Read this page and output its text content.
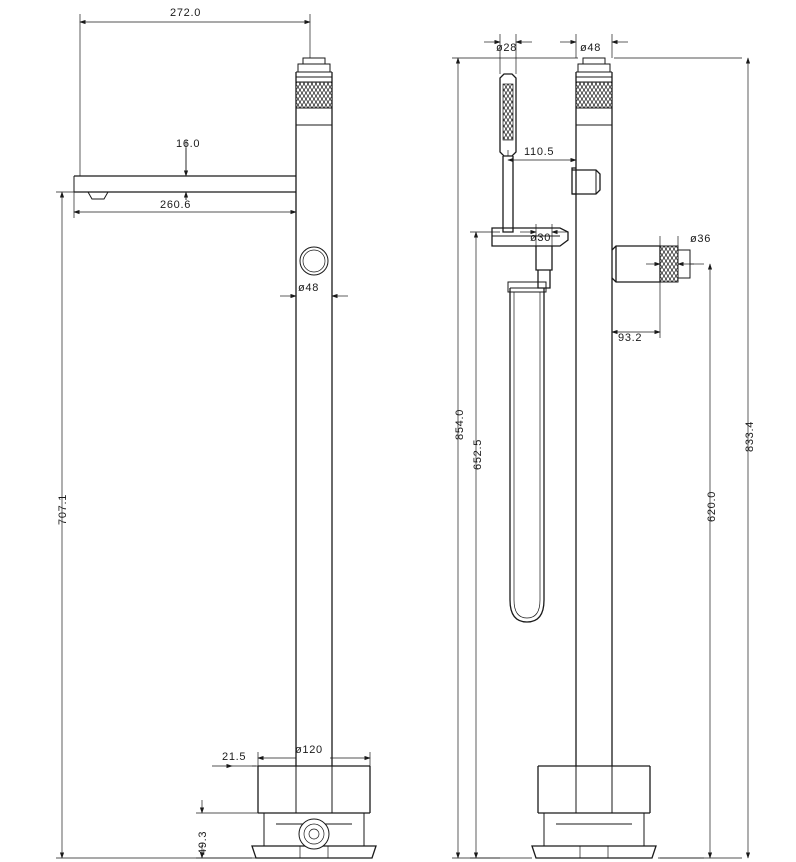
272.0
16.0
260.6
ø48
707.1
21.5
ø120
49.3
ø28	ø48
110.5
ø30	ø36
93.2
854.0
652.5
620.0
833.4
